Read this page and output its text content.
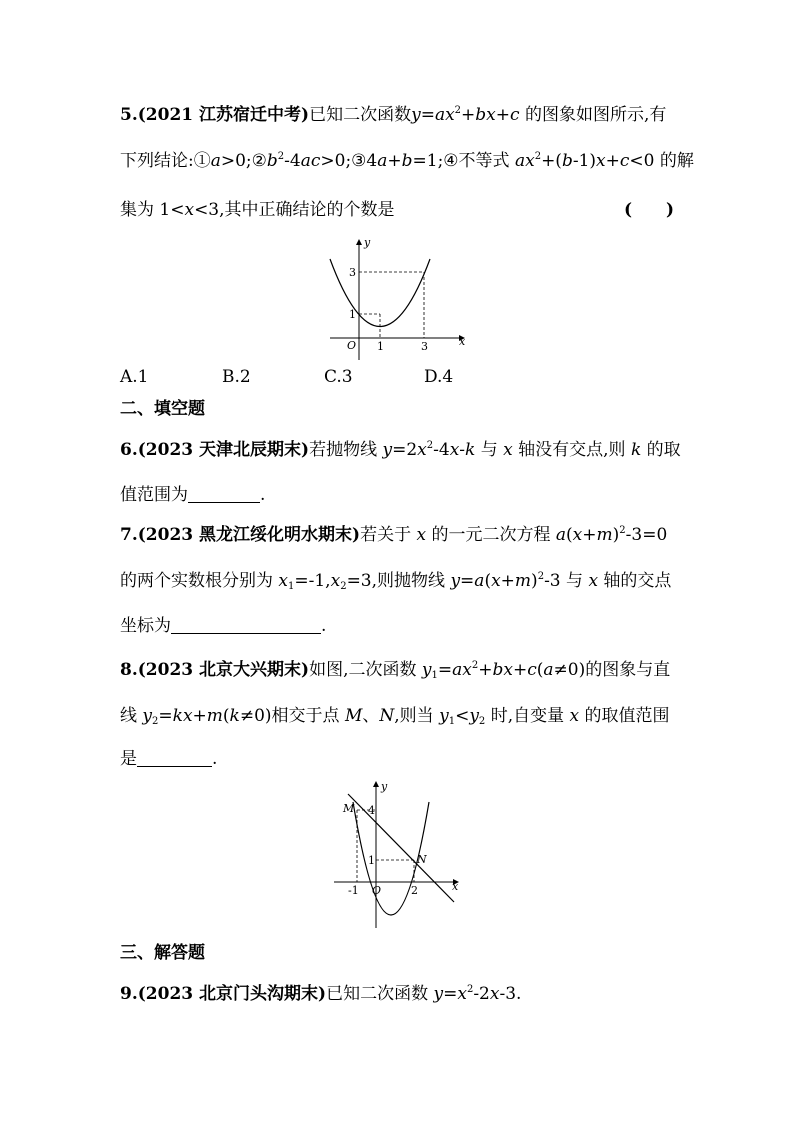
5.(2021 江苏宿迁中考)已知二次函数$y=ax^2+bx+c$ 的图象如图所示,有
下列结论$:①a>0;②b^2-4ac>0;③4a+b=1;④$不等式 $ax^2+(b-1)x+c<0$ 的解
集为 1<x<3,其中正确结论的个数是	(　　)
y
x
O
3
1
1	3
A.1	B.2	C.3	D.4
二、填空题
6.(2023 天津北辰期末)若抛物线 $y=2x^2-4x-k$ 与 x 轴没有交点,则 k 的取
值范围为	.
7.(2023 黑龙江绥化明水期末)若关于 x 的一元二次方程 $a(x+m)^2-3=0$
的两个实数根分别为 $x_1=-1,x_2=3$,则抛物线 $y=a(x+m)^2-3$ 与 x 轴的交点
坐标为	.
8.(2023 北京大兴期末)如图,二次函数 $y_1=ax^2+bx+c(a\ne 0)$的图象与直
线 $y_2=kx+m(k\ne 0)$相交于点 M、N,则当 $y_1<y_2$ 时,自变量 x 的取值范围
是	.
y
x
O
M
N
4
1
-1	2
三、解答题
9.(2023 北京门头沟期末)已知二次函数 $y=x^2-2x-3$.
